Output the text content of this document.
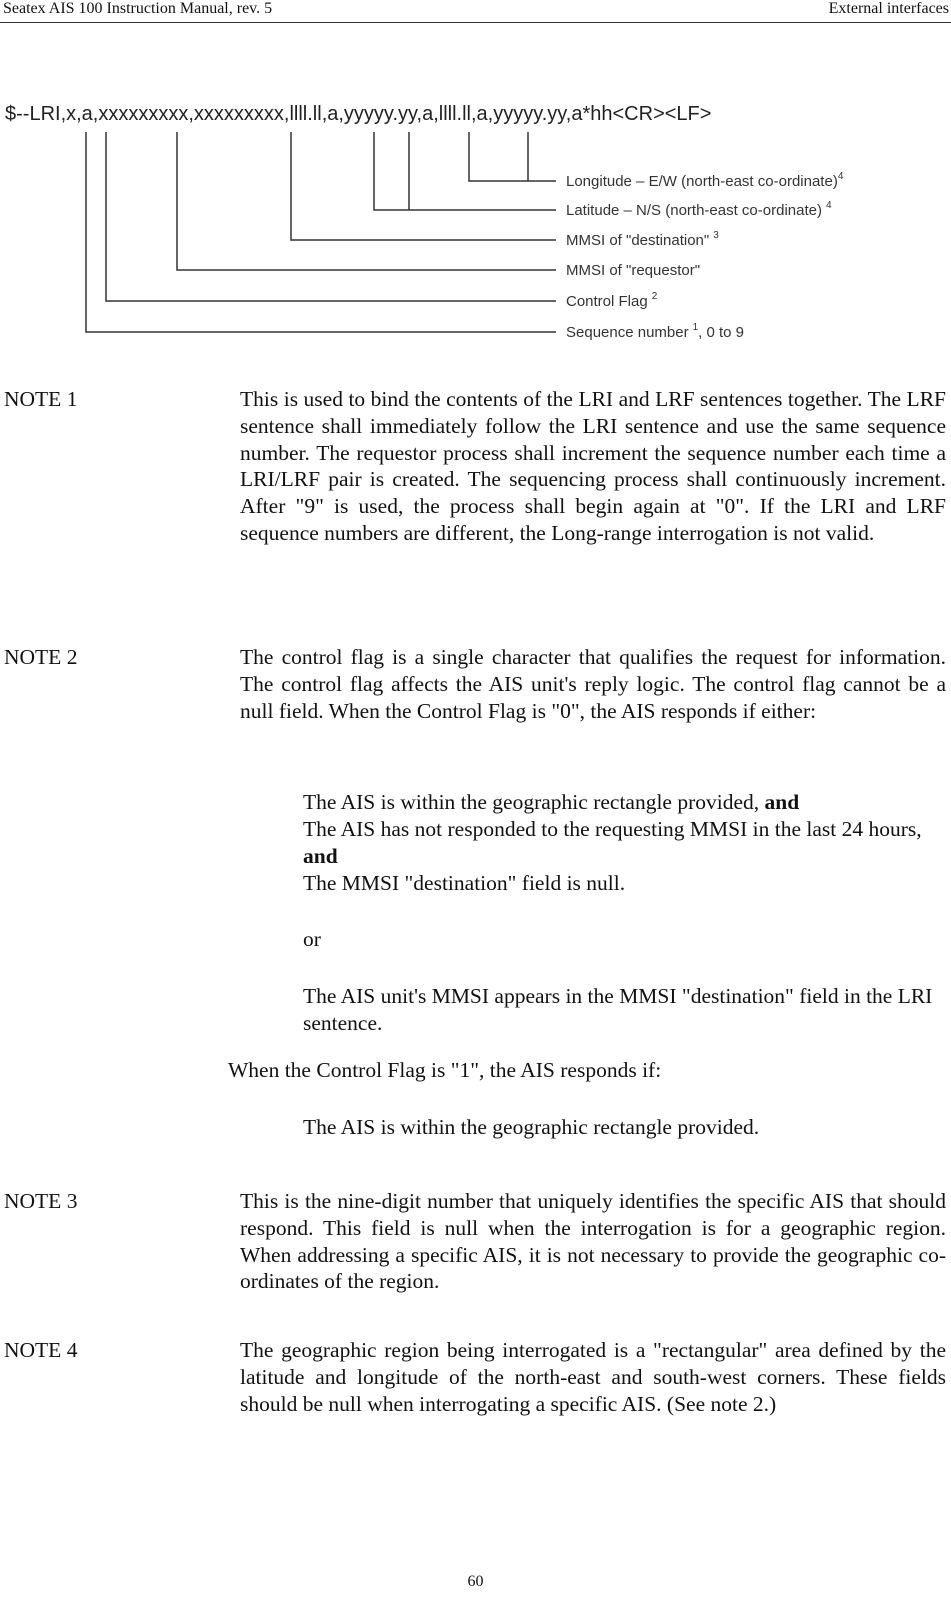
Seatex AIS 100 Instruction Manual, rev. 5	External interfaces
$--LRI,x,a,xxxxxxxxx,xxxxxxxxx,llll.ll,a,yyyyy.yy,a,llll.ll,a,yyyyy.yy,a*hh<CR><LF>
Longitude – E/W (north-east co-ordinate)$^4$
Latitude – N/S (north-east co-ordinate) $^4$
MMSI of "destination" $^3$
MMSI of "requestor"
Control Flag $^2$
Sequence number $^1$, 0 to 9
NOTE 1	This is used to bind the contents of the LRI and LRF sentences together. The LRF sentence shall immediately follow the LRI sentence and use the same sequence number. The requestor process shall increment the sequence number each time a LRI/LRF pair is created. The sequencing process shall continuously increment. After "9" is used, the process shall begin again at "0". If the LRI and LRF sequence numbers are different, the Long-range interrogation is not valid.
NOTE 2	The control flag is a single character that qualifies the request for information. The control flag affects the AIS unit's reply logic. The control flag cannot be a null field. When the Control Flag is "0", the AIS responds if either:
The AIS is within the geographic rectangle provided, and
The AIS has not responded to the requesting MMSI in the last 24 hours, and
The MMSI "destination" field is null.
or
The AIS unit's MMSI appears in the MMSI "destination" field in the LRI sentence.
When the Control Flag is "1", the AIS responds if:
The AIS is within the geographic rectangle provided.
NOTE 3	This is the nine-digit number that uniquely identifies the specific AIS that should respond. This field is null when the interrogation is for a geographic region. When addressing a specific AIS, it is not necessary to provide the geographic co-ordinates of the region.
NOTE 4	The geographic region being interrogated is a "rectangular" area defined by the latitude and longitude of the north-east and south-west corners. These fields should be null when interrogating a specific AIS. (See note 2.)
60
